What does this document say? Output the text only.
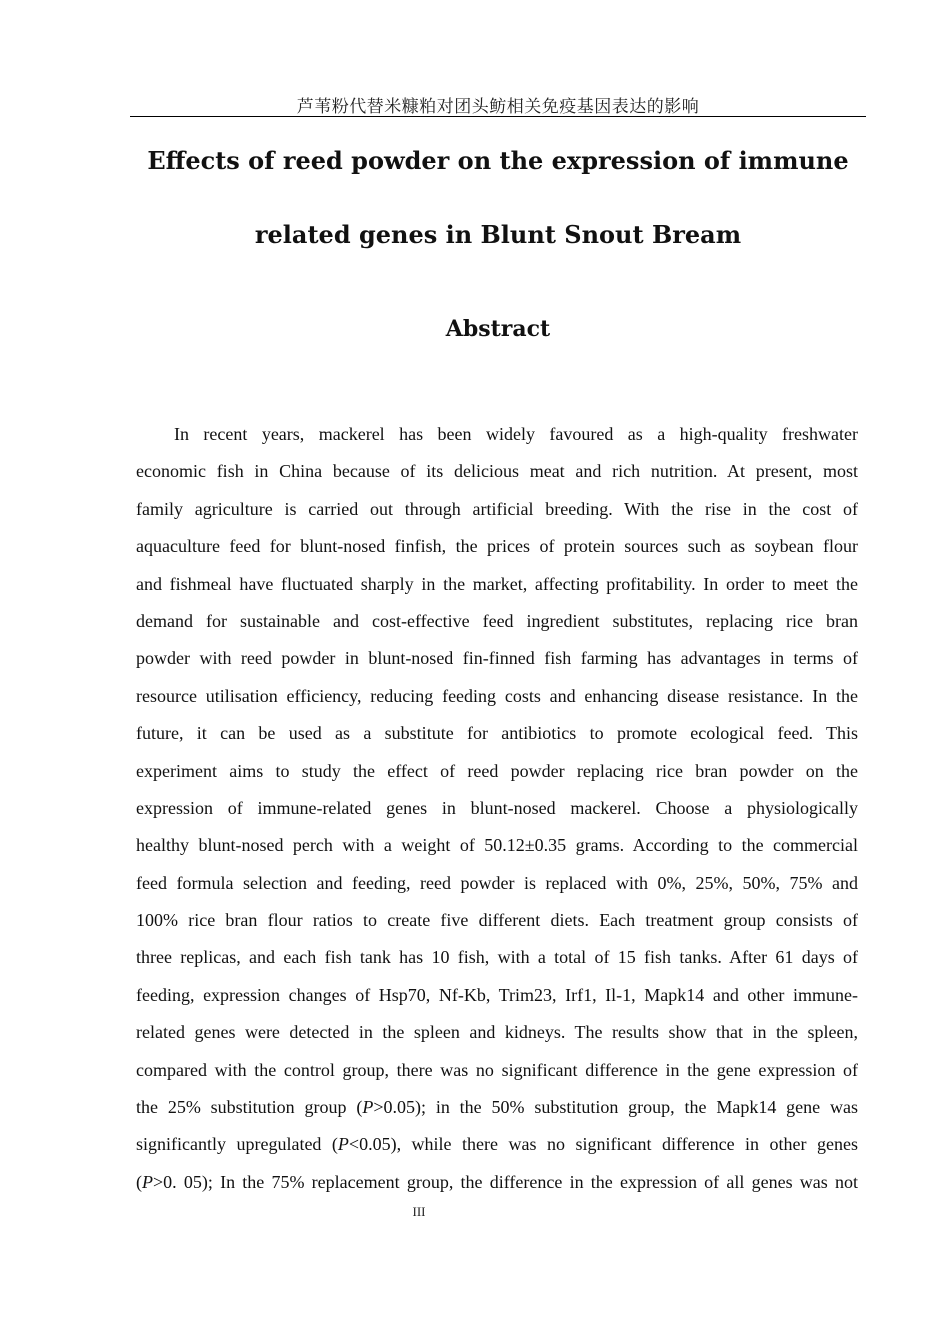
芦苇粉代替米糠粕对团头鲂相关免疫基因表达的影响
Effects of reed powder on the expression of immune
related genes in Blunt Snout Bream
Abstract
In recent years, mackerel has been widely favoured as a high-quality freshwater
economic fish in China because of its delicious meat and rich nutrition. At present, most
family agriculture is carried out through artificial breeding. With the rise in the cost of
aquaculture feed for blunt-nosed finfish, the prices of protein sources such as soybean flour
and fishmeal have fluctuated sharply in the market, affecting profitability. In order to meet the
demand for sustainable and cost-effective feed ingredient substitutes, replacing rice bran
powder with reed powder in blunt-nosed fin-finned fish farming has advantages in terms of
resource utilisation efficiency, reducing feeding costs and enhancing disease resistance. In the
future, it can be used as a substitute for antibiotics to promote ecological feed. This
experiment aims to study the effect of reed powder replacing rice bran powder on the
expression of immune-related genes in blunt-nosed mackerel. Choose a physiologically
healthy blunt-nosed perch with a weight of 50.12±0.35 grams. According to the commercial
feed formula selection and feeding, reed powder is replaced with 0%, 25%, 50%, 75% and
100% rice bran flour ratios to create five different diets. Each treatment group consists of
three replicas, and each fish tank has 10 fish, with a total of 15 fish tanks. After 61 days of
feeding, expression changes of Hsp70, Nf-Kb, Trim23, Irf1, Il-1, Mapk14 and other immune-
related genes were detected in the spleen and kidneys. The results show that in the spleen,
compared with the control group, there was no significant difference in the gene expression of
the 25% substitution group (P>0.05); in the 50% substitution group, the Mapk14 gene was
significantly upregulated (P<0.05), while there was no significant difference in other genes
(P>0. 05); In the 75% replacement group, the difference in the expression of all genes was not
III
